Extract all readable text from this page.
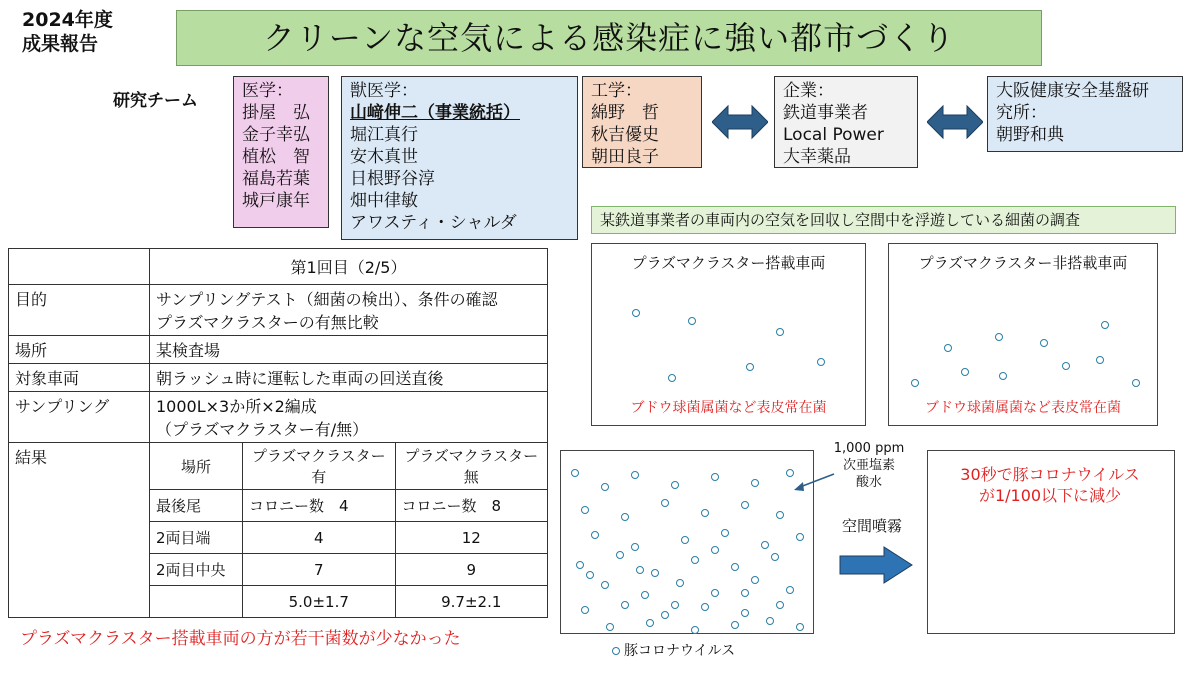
2024年度
成果報告	クリーンな空気による感染症に強い都市づくり
研究チーム	医学：
掛屋　弘
金子幸弘
植松　智
福島若葉
城戸康年
獣医学：
山﨑伸二（事業統括）
堀江真行
安木真世
日根野谷淳
畑中律敏
アワスティ・シャルダ
工学：
綿野　哲
秋吉優史
朝田良子
企業：
鉄道事業者
Local Power
大幸薬品
大阪健康安全基盤研
究所：
朝野和典
某鉄道事業者の車両内の空気を回収し空間中を浮遊している細菌の調査
プラズマクラスター搭載車両
ブドウ球菌属菌など表皮常在菌
プラズマクラスター非搭載車両
ブドウ球菌属菌など表皮常在菌
	第1回目（2/5）
目的	サンプリングテスト（細菌の検出）、条件の確認
プラズマクラスターの有無比較

場所	某検査場
対象車両	朝ラッシュ時に運転した車両の回送直後
サンプリング	1000L×3か所×2編成
（プラズマクラスター有/無）

結果		場所	プラズマクラスター有	プラズマクラスター無
最後尾	コロニー数　4	コロニー数　8
2両目端	4	12
2両目中央	7	9
	5.0±1.7	9.7±2.1
プラズマクラスター搭載車両の方が若干菌数が少なかった
1,000 ppm
次亜塩素
酸水
空間噴霧
30秒で豚コロナウイルス
が1/100以下に減少
豚コロナウイルス
